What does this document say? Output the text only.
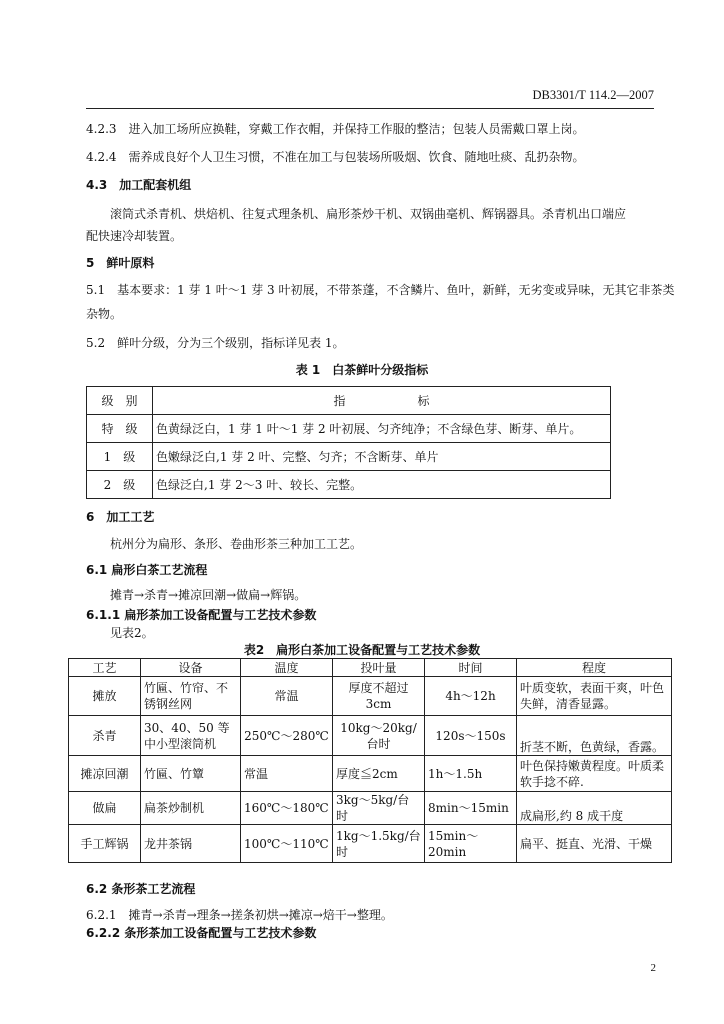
DB3301/T 114.2—2007
4.2.3　进入加工场所应换鞋，穿戴工作衣帽，并保持工作服的整洁；包装人员需戴口罩上岗。
4.2.4　需养成良好个人卫生习惯，不准在加工与包装场所吸烟、饮食、随地吐痰、乱扔杂物。
4.3　加工配套机组
滚筒式杀青机、烘焙机、往复式理条机、扁形茶炒干机、双锅曲毫机、辉锅器具。杀青机出口端应
配快速冷却装置。
5　鲜叶原料
5.1　基本要求：1 芽 1 叶～1 芽 3 叶初展，不带茶蓬，不含鳞片、鱼叶，新鲜，无劣变或异味，无其它非茶类
杂物。
5.2　鲜叶分级，分为三个级别，指标详见表 1。
表 1　白茶鲜叶分级指标
级　别	指　　　　　　标
特　级	色黄绿泛白，1 芽 1 叶～1 芽 2 叶初展、匀齐纯净；不含绿色芽、断芽、单片。
1　级	色嫩绿泛白,1 芽 2 叶、完整、匀齐；不含断芽、单片
2　级	色绿泛白,1 芽 2～3 叶、较长、完整。
6　加工工艺
杭州分为扁形、条形、卷曲形茶三种加工工艺。
6.1 扁形白茶工艺流程
摊青→杀青→摊凉回潮→做扁→辉锅。
6.1.1 扁形茶加工设备配置与工艺技术参数
见表2。
表2　扁形白茶加工设备配置与工艺技术参数
工艺	设备	温度	投叶量	时间	程度
摊放	竹匾、竹帘、不锈钢丝网	常温	厚度不超过3cm	4h～12h	叶质变软，表面干爽，叶色失鲜，清香显露。
杀青	30、40、50 等中小型滚筒机	250℃～280℃	10kg～20kg/台时	120s～150s	折茎不断，色黄绿，香露。
摊凉回潮	竹匾、竹簟	常温	厚度≦2cm	1h～1.5h	叶色保持嫩黄程度。叶质柔软手捻不碎.
做扁	扁茶炒制机	160℃～180℃	3kg～5kg/台时	8min～15min	成扁形,约 8 成干度
手工辉锅	龙井茶锅	100℃～110℃	1kg～1.5kg/台时	15min～20min	扁平、挺直、光滑、干燥
6.2 条形茶工艺流程
6.2.1　摊青→杀青→理条→搓条初烘→摊凉→焙干→整理。
6.2.2 条形茶加工设备配置与工艺技术参数
2
